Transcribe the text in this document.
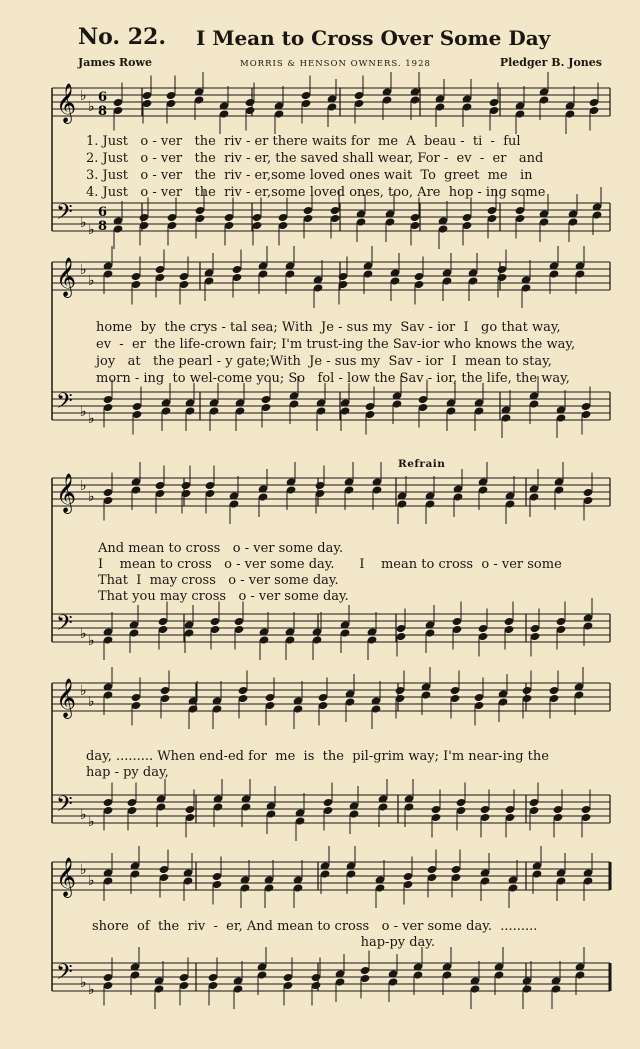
No. 22. I Mean to Cross Over Some Day
James Rowe	MORRIS & HENSON OWNERS. 1928	Pledger B. Jones
𝄞 ♭
♭
6
8
𝄢 ♭ ♭
6
8
𝄞 ♭
♭
𝄢 ♭ ♭
𝄞 ♭
♭
𝄢 ♭ ♭
𝄞 ♭
♭
𝄢 ♭ ♭
𝄞 ♭
♭
𝄢 ♭ ♭
Refrain
1. Just   o - ver   the  riv - er there waits for  me  A  beau -  ti  -  ful
2. Just   o - ver   the  riv - er, the saved shall wear, For -  ev  -  er   and
3. Just   o - ver   the  riv - er,some loved ones wait  To  greet  me   in
4. Just   o - ver   the  riv - er,some loved ones, too, Are  hop - ing some
home  by  the crys - tal sea; With  Je - sus my  Sav - ior  I   go that way,
ev  -  er  the life-crown fair; I'm trust-ing the Sav-ior who knows the way,
joy   at   the pearl - y gate;With  Je - sus my  Sav - ior  I  mean to stay,
morn - ing  to wel-come you; So   fol - low the Sav - ior, the life, the way,
And mean to cross   o - ver some day.
I    mean to cross   o - ver some day.      I    mean to cross  o - ver some
That  I  may cross   o - ver some day.
That you may cross   o - ver some day.
day, ......... When end-ed for  me  is  the  pil-grim way; I'm near-ing the
hap - py day,
shore  of  the  riv  -  er, And mean to cross   o - ver some day.  .........
hap-py day.
